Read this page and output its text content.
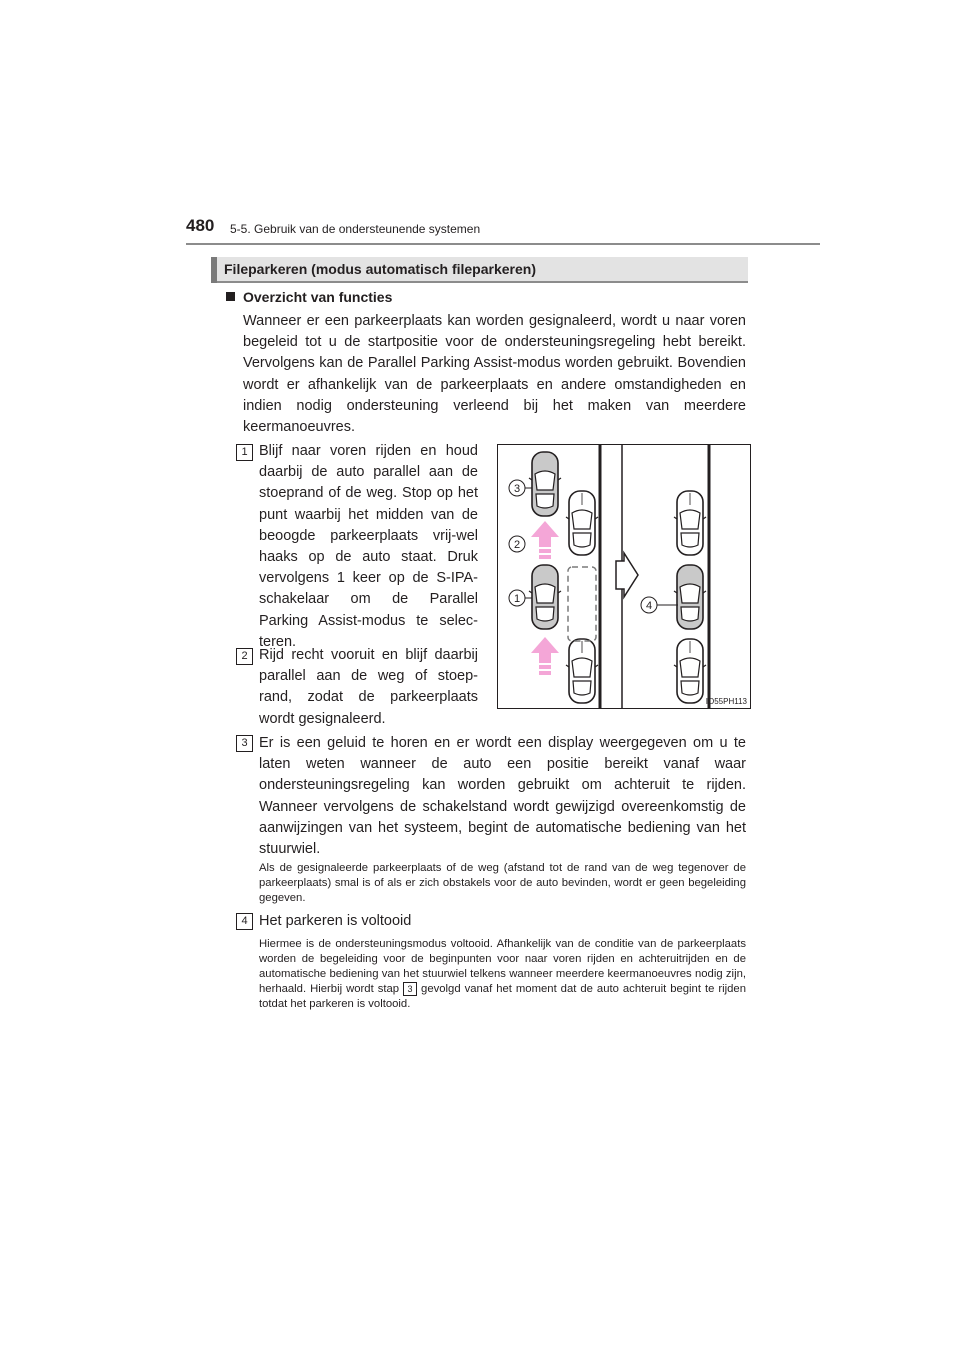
480 5-5. Gebruik van de ondersteunende systemen
Fileparkeren (modus automatisch fileparkeren)
Overzicht van functies
Wanneer er een parkeerplaats kan worden gesignaleerd, wordt u naar voren begeleid tot u de startpositie voor de ondersteuningsregeling hebt bereikt. Vervolgens kan de Parallel Parking Assist-modus worden gebruikt. Bovendien wordt er afhankelijk van de parkeerplaats en andere omstandigheden en indien nodig ondersteuning verleend bij het maken van meerdere keermanoeuvres.
1 Blijf naar voren rijden en houd daarbij de auto parallel aan de stoeprand of de weg. Stop op het punt waarbij het midden van de beoogde parkeerplaats vrij-wel haaks op de auto staat. Druk vervolgens 1 keer op de S-IPA-schakelaar om de Parallel Parking Assist-modus te selec-teren.
2 Rijd recht vooruit en blijf daarbij parallel aan de weg of stoep-rand, zodat de parkeerplaats wordt gesignaleerd.
3 Er is een geluid te horen en er wordt een display weergegeven om u te laten weten wanneer de auto een positie bereikt vanaf waar ondersteuningsregeling kan worden gebruikt om achteruit te rijden. Wanneer vervolgens de schakelstand wordt gewijzigd overeenkomstig de aanwijzingen van het systeem, begint de automatische bediening van het stuurwiel.
Als de gesignaleerde parkeerplaats of de weg (afstand tot de rand van de weg tegenover de parkeerplaats) smal is of als er zich obstakels voor de auto bevinden, wordt er geen begeleiding gegeven.
4 Het parkeren is voltooid
Hiermee is de ondersteuningsmodus voltooid. Afhankelijk van de conditie van de parkeerplaats worden de begeleiding voor de beginpunten voor naar voren rijden en achteruitrijden en de automatische bediening van het stuurwiel telkens wanneer meerdere keermanoeuvres nodig zijn, herhaald. Hierbij wordt stap 3 gevolgd vanaf het moment dat de auto achteruit begint te rijden totdat het parkeren is voltooid.
3
2
1
4
IO55PH113
